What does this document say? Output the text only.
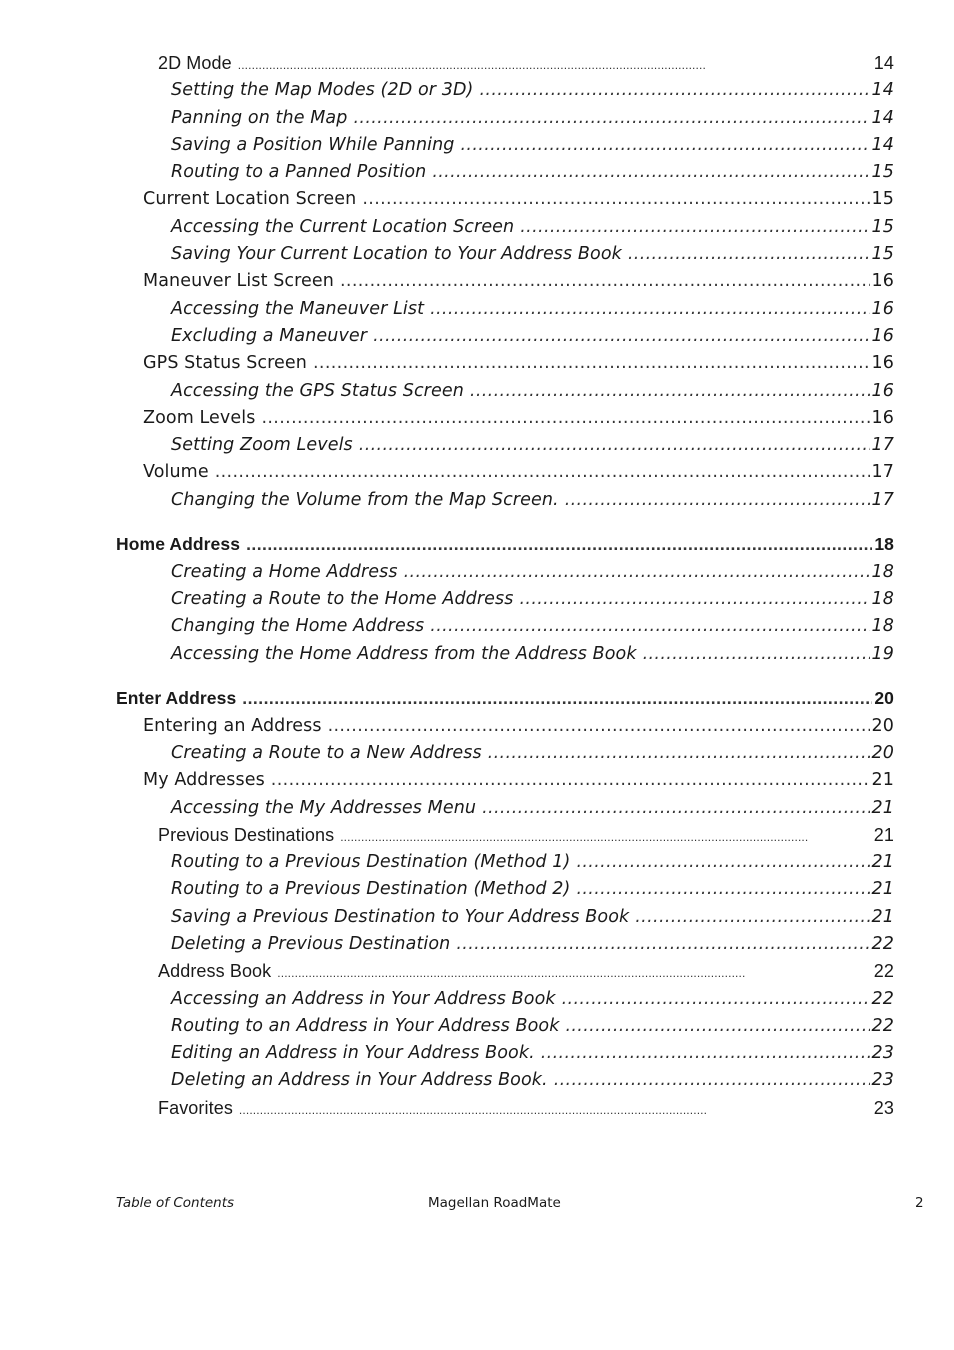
2D Mode . . .	14
Setting the Map Modes (2D or 3D) . . .	14
Panning on the Map . . .	14
Saving a Position While Panning . . .	14
Routing to a Panned Position . . .	15
Current Location Screen . . .	15
Accessing the Current Location Screen . . .	15
Saving Your Current Location to Your Address Book . . .	15
Maneuver List Screen . . .	16
Accessing the Maneuver List . . .	16
Excluding a Maneuver . . .	16
GPS Status Screen . . .	16
Accessing the GPS Status Screen . . .	16
Zoom Levels . . .	16
Setting Zoom Levels . . .	17
Volume . . .	17
Changing the Volume from the Map Screen. . . .	17
Home Address . . .	18
Creating a Home Address . . .	18
Creating a Route to the Home Address . . .	18
Changing the Home Address . . .	18
Accessing the Home Address from the Address Book . . .	19
Enter Address . . .	20
Entering an Address . . .	20
Creating a Route to a New Address . . .	20
My Addresses . . .	21
Accessing the My Addresses Menu . . .	21
Previous Destinations . . .	21
Routing to a Previous Destination (Method 1) . . .	21
Routing to a Previous Destination (Method 2) . . .	21
Saving a Previous Destination to Your Address Book . . .	21
Deleting a Previous Destination . . .	22
Address Book . . .	22
Accessing an Address in Your Address Book . . .	22
Routing to an Address in Your Address Book . . .	22
Editing an Address in Your Address Book. . . .	23
Deleting an Address in Your Address Book. . . .	23
Favorites . . .	23
Table of Contents	Magellan RoadMate	2
